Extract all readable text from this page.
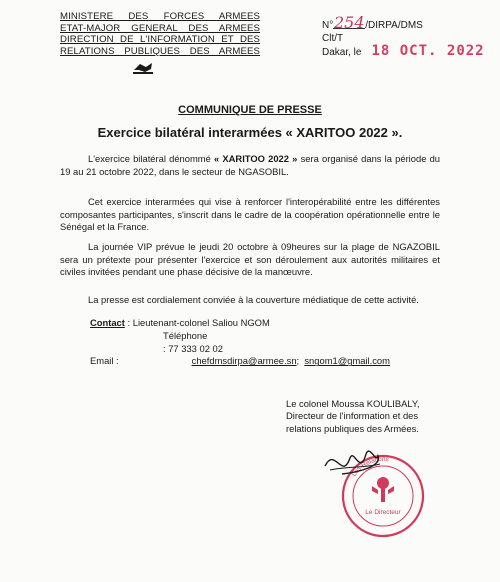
MINISTERE DES FORCES ARMEES
ETAT-MAJOR GENERAL DES ARMEES
DIRECTION DE L'INFORMATION ET DES
RELATIONS PUBLIQUES DES ARMEES
N°254/DIRPA/DMS
Clt/T
Dakar, le 18 OCT. 2022
COMMUNIQUE DE PRESSE
Exercice bilatéral interarmées « XARITOO 2022 ».
L'exercice bilatéral dénommé « XARITOO 2022 » sera organisé dans la période du 19 au 21 octobre 2022, dans le secteur de NGASOBIL.
Cet exercice interarmées qui vise à renforcer l'interopérabilité entre les différentes composantes participantes, s'inscrit dans le cadre de la coopération opérationnelle entre le Sénégal et la France.
La journée VIP prévue le jeudi 20 octobre à 09heures sur la plage de NGAZOBIL sera un prétexte pour présenter l'exercice et son déroulement aux autorités militaires et civiles invitées pendant une phase décisive de la manœuvre.
La presse est cordialement conviée à la couverture médiatique de cette activité.
Contact
: Lieutenant-colonel Saliou NGOM
Téléphone
: 77 333 02 02
Email :	chefdmsdirpa@armee.sn; sngom1@gmail.com
Le colonel Moussa KOULIBALY,
Directeur de l'information et des
relations publiques des Armées.
Les Relations
Le Directeur
